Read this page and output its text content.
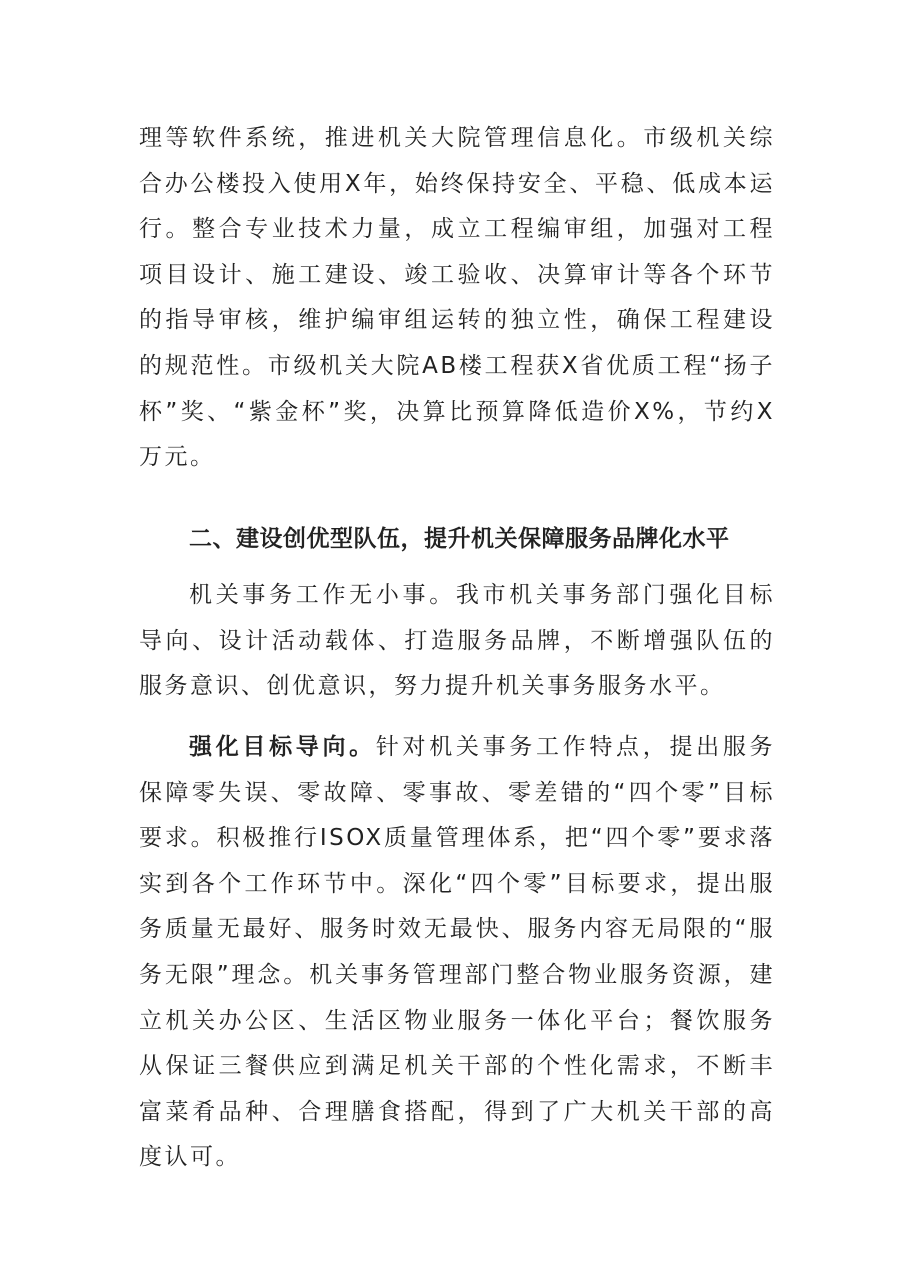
理等软件系统，推进机关大院管理信息化。市级机关综合办公楼投入使用X年，始终保持安全、平稳、低成本运行。整合专业技术力量，成立工程编审组，加强对工程项目设计、施工建设、竣工验收、决算审计等各个环节的指导审核，维护编审组运转的独立性，确保工程建设的规范性。市级机关大院AB楼工程获X省优质工程“扬子杯”奖、“紫金杯”奖，决算比预算降低造价X%，节约X万元。

二、建设创优型队伍，提升机关保障服务品牌化水平

机关事务工作无小事。我市机关事务部门强化目标导向、设计活动载体、打造服务品牌，不断增强队伍的服务意识、创优意识，努力提升机关事务服务水平。

强化目标导向。针对机关事务工作特点，提出服务保障零失误、零故障、零事故、零差错的“四个零”目标要求。积极推行ISOX质量管理体系，把“四个零”要求落实到各个工作环节中。深化“四个零”目标要求，提出服务质量无最好、服务时效无最快、服务内容无局限的“服务无限”理念。机关事务管理部门整合物业服务资源，建立机关办公区、生活区物业服务一体化平台；餐饮服务从保证三餐供应到满足机关干部的个性化需求，不断丰富菜肴品种、合理膳食搭配，得到了广大机关干部的高度认可。
